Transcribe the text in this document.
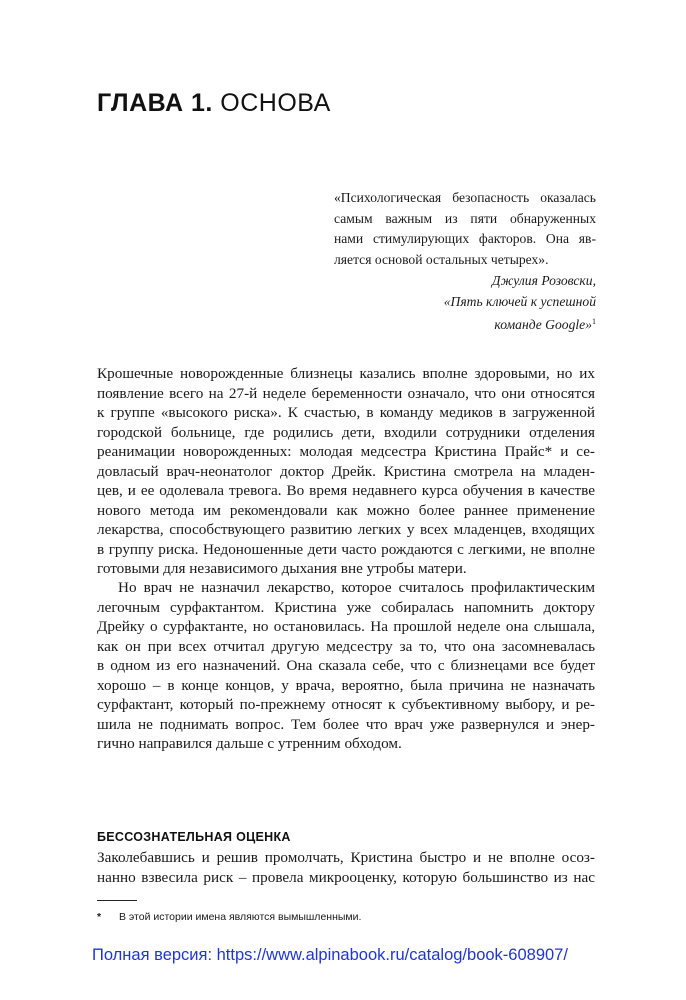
ГЛАВА 1. ОСНОВА
«Психологическая безопасность оказалась
самым важным из пяти обнаруженных
нами стимулирующих факторов. Она яв-
ляется основой остальных четырех».
Джулия Розовски,
«Пять ключей к успешной
команде Google»$^1$
Крошечные новорожденные близнецы казались вполне здоровыми, но их
появление всего на 27-й неделе беременности означало, что они относятся
к группе «высокого риска». К счастью, в команду медиков в загруженной
городской больнице, где родились дети, входили сотрудники отделения
реанимации новорожденных: молодая медсестра Кристина Прайс* и се-
довласый врач-неонатолог доктор Дрейк. Кристина смотрела на младен-
цев, и ее одолевала тревога. Во время недавнего курса обучения в качестве
нового метода им рекомендовали как можно более раннее применение
лекарства, способствующего развитию легких у всех младенцев, входящих
в группу риска. Недоношенные дети часто рождаются с легкими, не вполне
готовыми для независимого дыхания вне утробы матери.
Но врач не назначил лекарство, которое считалось профилактическим
легочным сурфактантом. Кристина уже собиралась напомнить доктору
Дрейку о сурфактанте, но остановилась. На прошлой неделе она слышала,
как он при всех отчитал другую медсестру за то, что она засомневалась
в одном из его назначений. Она сказала себе, что с близнецами все будет
хорошо – в конце концов, у врача, вероятно, была причина не назначать
сурфактант, который по-прежнему относят к субъективному выбору, и ре-
шила не поднимать вопрос. Тем более что врач уже развернулся и энер-
гично направился дальше с утренним обходом.
БЕССОЗНАТЕЛЬНАЯ ОЦЕНКА
Заколебавшись и решив промолчать, Кристина быстро и не вполне осоз-
нанно взвесила риск – провела микрооценку, которую большинство из нас
* В этой истории имена являются вымышленными.
Полная версия: https://www.alpinabook.ru/catalog/book-608907/
